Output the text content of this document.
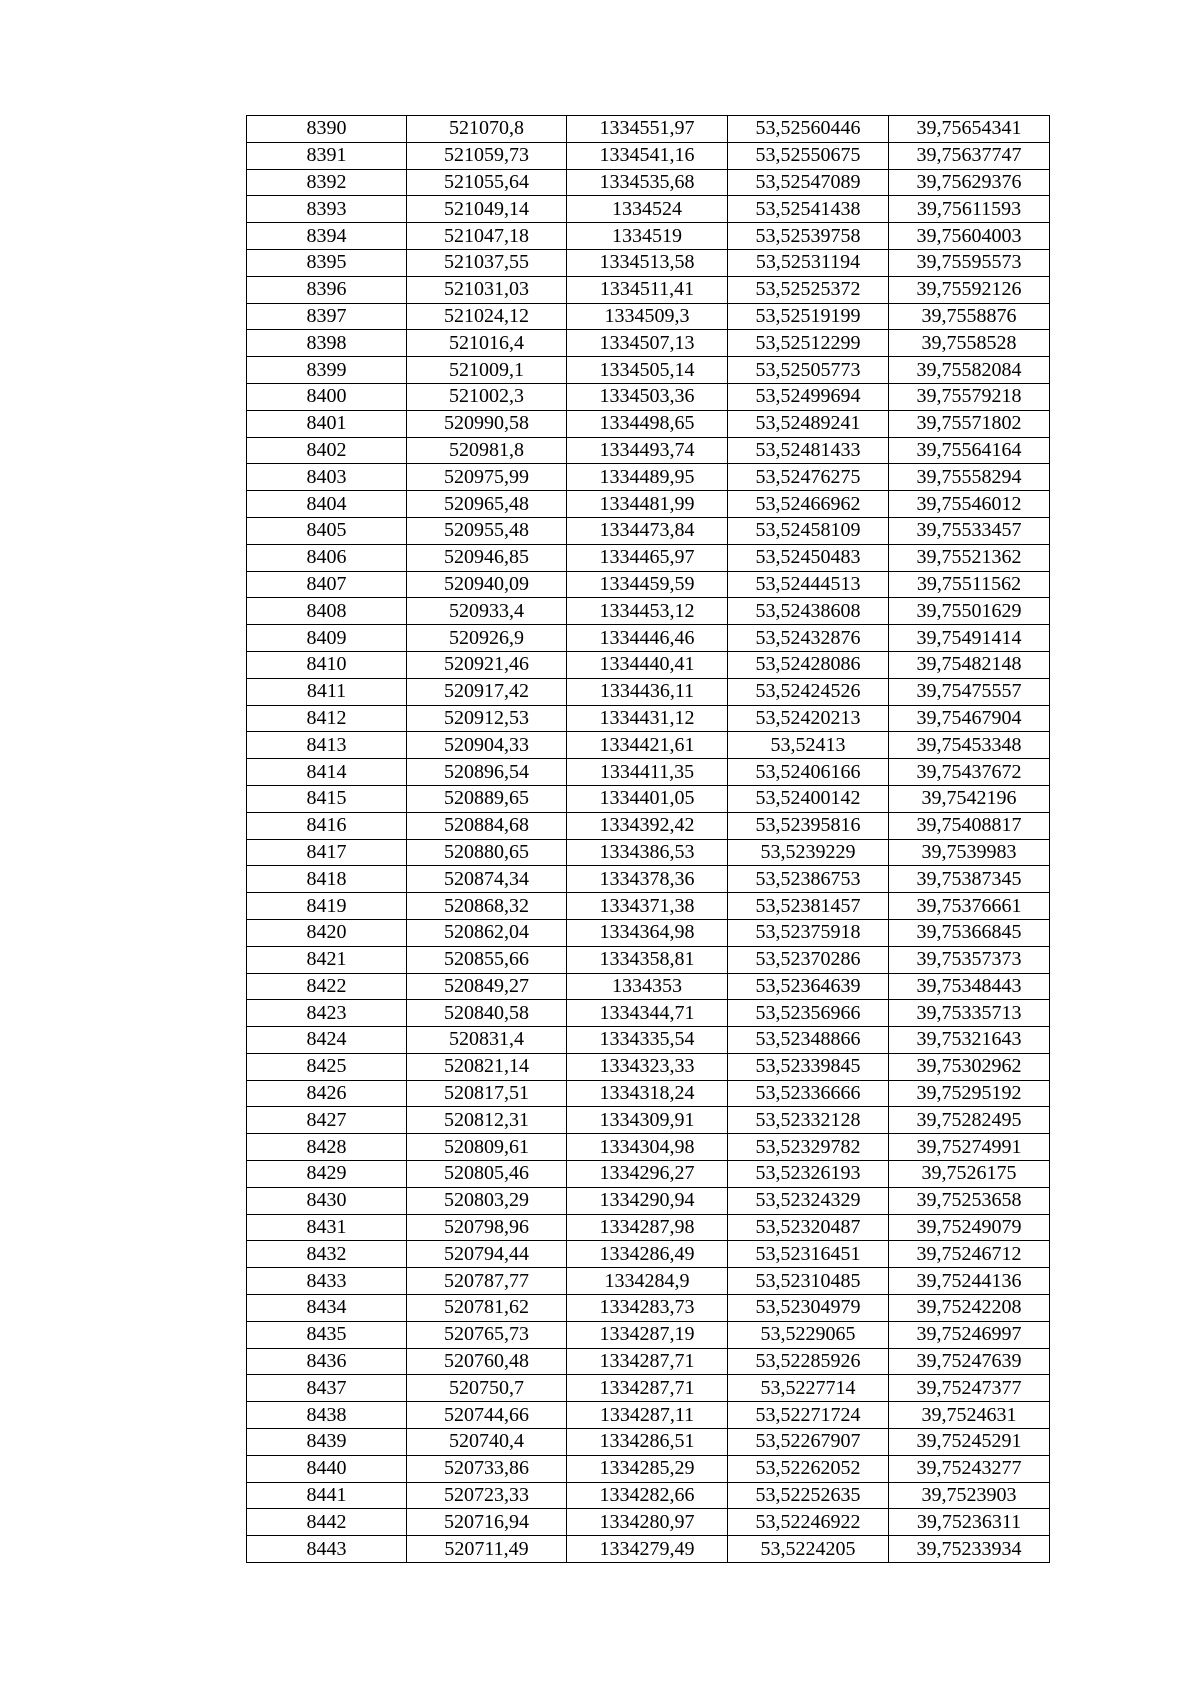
8390	521070,8	1334551,97	53,52560446	39,75654341
8391	521059,73	1334541,16	53,52550675	39,75637747
8392	521055,64	1334535,68	53,52547089	39,75629376
8393	521049,14	1334524	53,52541438	39,75611593
8394	521047,18	1334519	53,52539758	39,75604003
8395	521037,55	1334513,58	53,52531194	39,75595573
8396	521031,03	1334511,41	53,52525372	39,75592126
8397	521024,12	1334509,3	53,52519199	39,7558876
8398	521016,4	1334507,13	53,52512299	39,7558528
8399	521009,1	1334505,14	53,52505773	39,75582084
8400	521002,3	1334503,36	53,52499694	39,75579218
8401	520990,58	1334498,65	53,52489241	39,75571802
8402	520981,8	1334493,74	53,52481433	39,75564164
8403	520975,99	1334489,95	53,52476275	39,75558294
8404	520965,48	1334481,99	53,52466962	39,75546012
8405	520955,48	1334473,84	53,52458109	39,75533457
8406	520946,85	1334465,97	53,52450483	39,75521362
8407	520940,09	1334459,59	53,52444513	39,75511562
8408	520933,4	1334453,12	53,52438608	39,75501629
8409	520926,9	1334446,46	53,52432876	39,75491414
8410	520921,46	1334440,41	53,52428086	39,75482148
8411	520917,42	1334436,11	53,52424526	39,75475557
8412	520912,53	1334431,12	53,52420213	39,75467904
8413	520904,33	1334421,61	53,52413	39,75453348
8414	520896,54	1334411,35	53,52406166	39,75437672
8415	520889,65	1334401,05	53,52400142	39,7542196
8416	520884,68	1334392,42	53,52395816	39,75408817
8417	520880,65	1334386,53	53,5239229	39,7539983
8418	520874,34	1334378,36	53,52386753	39,75387345
8419	520868,32	1334371,38	53,52381457	39,75376661
8420	520862,04	1334364,98	53,52375918	39,75366845
8421	520855,66	1334358,81	53,52370286	39,75357373
8422	520849,27	1334353	53,52364639	39,75348443
8423	520840,58	1334344,71	53,52356966	39,75335713
8424	520831,4	1334335,54	53,52348866	39,75321643
8425	520821,14	1334323,33	53,52339845	39,75302962
8426	520817,51	1334318,24	53,52336666	39,75295192
8427	520812,31	1334309,91	53,52332128	39,75282495
8428	520809,61	1334304,98	53,52329782	39,75274991
8429	520805,46	1334296,27	53,52326193	39,7526175
8430	520803,29	1334290,94	53,52324329	39,75253658
8431	520798,96	1334287,98	53,52320487	39,75249079
8432	520794,44	1334286,49	53,52316451	39,75246712
8433	520787,77	1334284,9	53,52310485	39,75244136
8434	520781,62	1334283,73	53,52304979	39,75242208
8435	520765,73	1334287,19	53,5229065	39,75246997
8436	520760,48	1334287,71	53,52285926	39,75247639
8437	520750,7	1334287,71	53,5227714	39,75247377
8438	520744,66	1334287,11	53,52271724	39,7524631
8439	520740,4	1334286,51	53,52267907	39,75245291
8440	520733,86	1334285,29	53,52262052	39,75243277
8441	520723,33	1334282,66	53,52252635	39,7523903
8442	520716,94	1334280,97	53,52246922	39,75236311
8443	520711,49	1334279,49	53,5224205	39,75233934
